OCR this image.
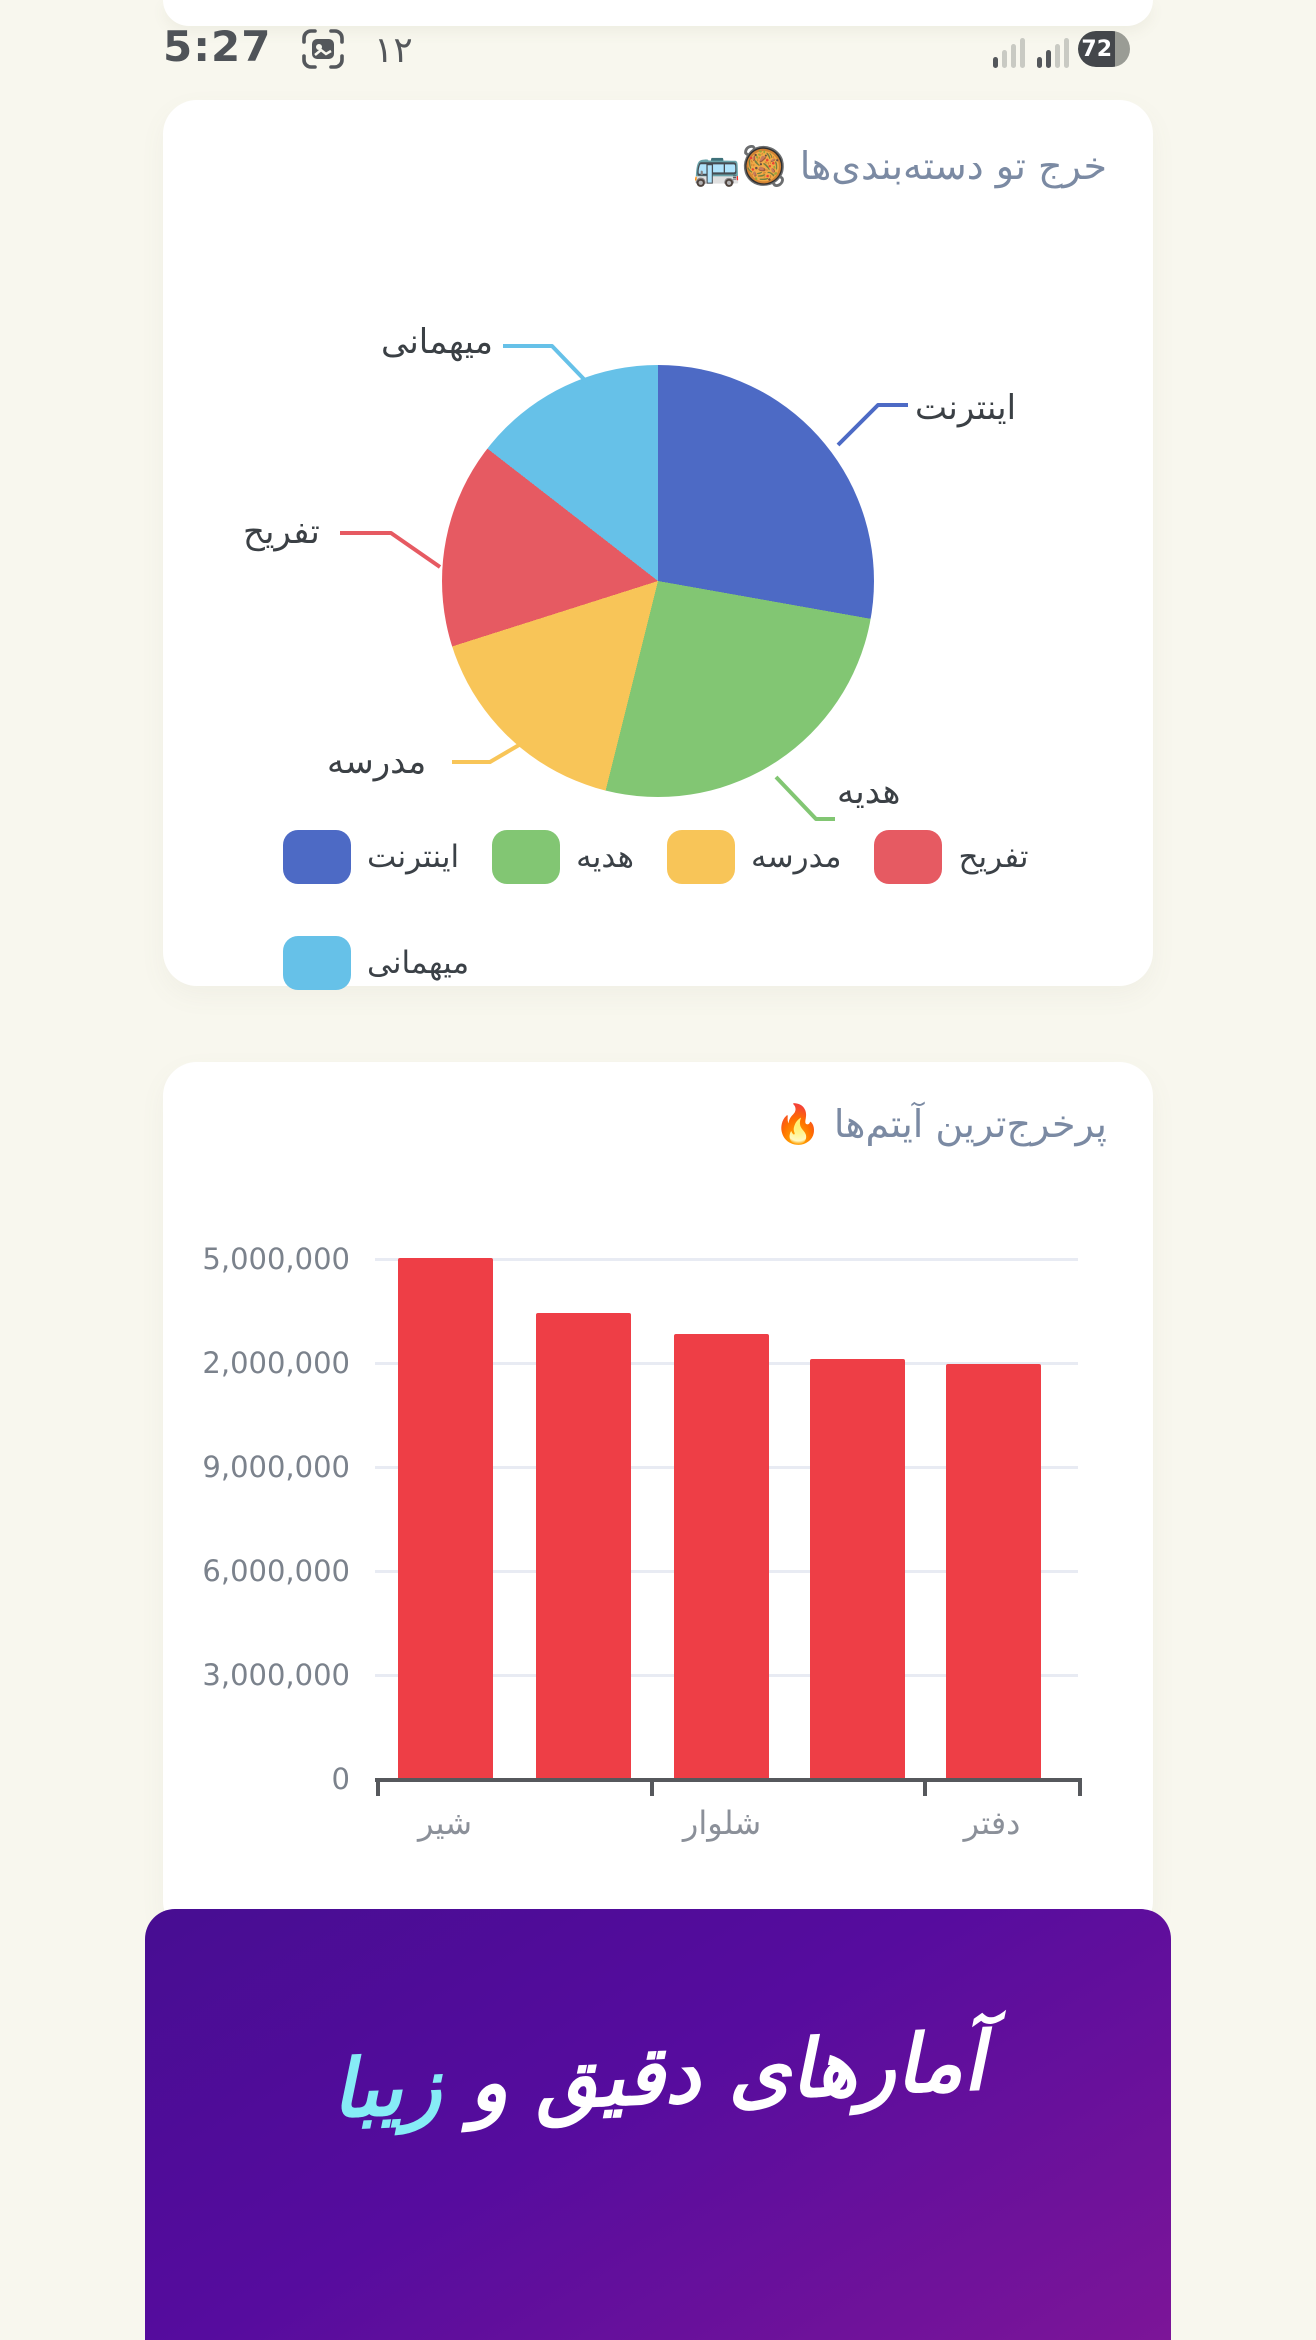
5:27	۱۲	72
خرج تو دسته‌بندی‌ها 🥘🚌
اینترنت
میهمانی
تفریح
مدرسه
هدیه
اینترنت	هدیه	مدرسه	تفریح
میهمانی
پرخرج‌ترین آیتم‌ها 🔥
5,000,000
2,000,000
9,000,000
6,000,000
3,000,000
0
شیر	شلوار	دفتر
آمارهای دقیق و زیبا
